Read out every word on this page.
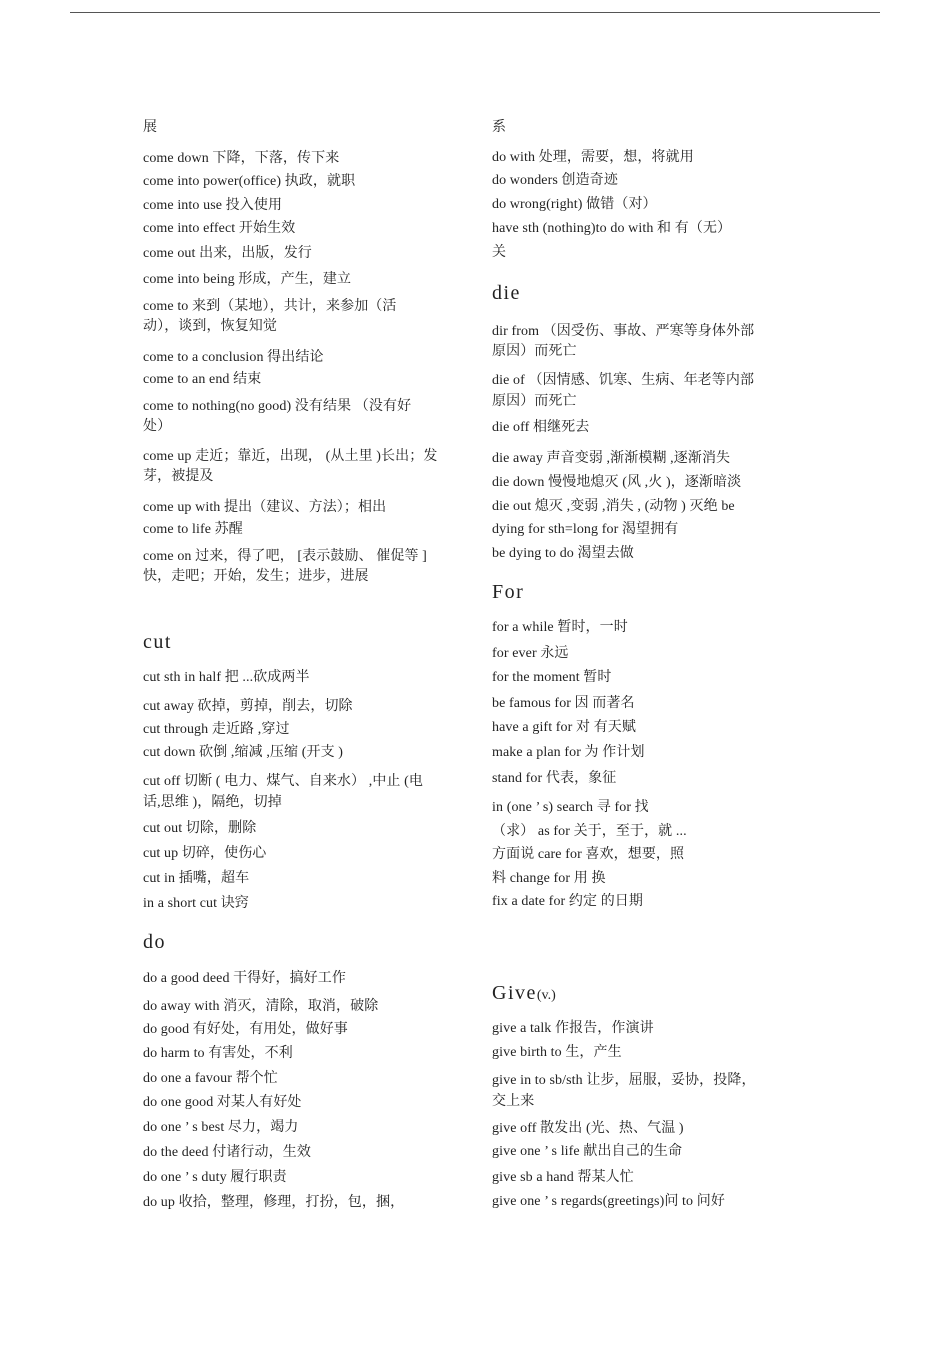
展
come down 下降，下落，传下来
come into power(office) 执政，就职
come into use 投入使用
come into effect 开始生效
come out 出来，出版，发行
come into being 形成，产生，建立
come to 来到（某地），共计，来参加（活
动），谈到，恢复知觉
come to a conclusion 得出结论
come to an end 结束
come to nothing(no good) 没有结果 （没有好
处）
come up 走近；靠近，出现， (从土里 )长出；发
芽，被提及
come up with 提出（建议、方法）；相出
come to life 苏醒
come on 过来，得了吧， [表示鼓励、 催促等 ]
快，走吧；开始，发生；进步，进展
cut
cut sth in half 把 ...砍成两半
cut away 砍掉，剪掉，削去，切除
cut through 走近路 ,穿过
cut down 砍倒 ,缩减 ,压缩 (开支 )
cut off 切断 ( 电力、煤气、自来水） ,中止 (电
话,思维 )，隔绝，切掉
cut out 切除，删除
cut up 切碎，使伤心
cut in 插嘴，超车
in a short cut 诀窍
do
do a good deed 干得好，搞好工作
do away with 消灭，清除，取消，破除
do good 有好处，有用处，做好事
do harm to 有害处，不利
do one a favour 帮个忙
do one good 对某人有好处
do one ’ s best 尽力，竭力
do the deed 付诸行动，生效
do one ’ s duty 履行职责
do up 收拾，整理，修理，打扮，包，捆，
系
do with 处理，需要，想，将就用
do wonders 创造奇迹
do wrong(right) 做错（对）
have sth (nothing)to do with 和 有（无）
关
die
dir from （因受伤、事故、严寒等身体外部
原因）而死亡
die of （因情感、饥寒、生病、年老等内部
原因）而死亡
die off 相继死去
die away 声音变弱 ,渐渐模糊 ,逐渐消失
die down 慢慢地熄灭 (风 ,火 )，逐渐暗淡
die out 熄灭 ,变弱 ,消失 , (动物 ) 灭绝 be
dying for sth=long for 渴望拥有
be dying to do 渴望去做
For
for a while 暂时，一时
for ever 永远
for the moment 暂时
be famous for 因 而著名
have a gift for 对 有天赋
make a plan for 为 作计划
stand for 代表，象征
in (one ’ s) search 寻 for 找
（求） as for 关于，至于，就 ...
方面说 care for 喜欢，想要，照
料 change for 用 换
fix a date for 约定 的日期
Give(v.)
give a talk 作报告，作演讲
give birth to 生，产生
give in to sb/sth 让步，屈服，妥协，投降，
交上来
give off 散发出 (光、热、气温 )
give one ’ s life 献出自己的生命
give sb a hand 帮某人忙
give one ’ s regards(greetings)问 to 问好
